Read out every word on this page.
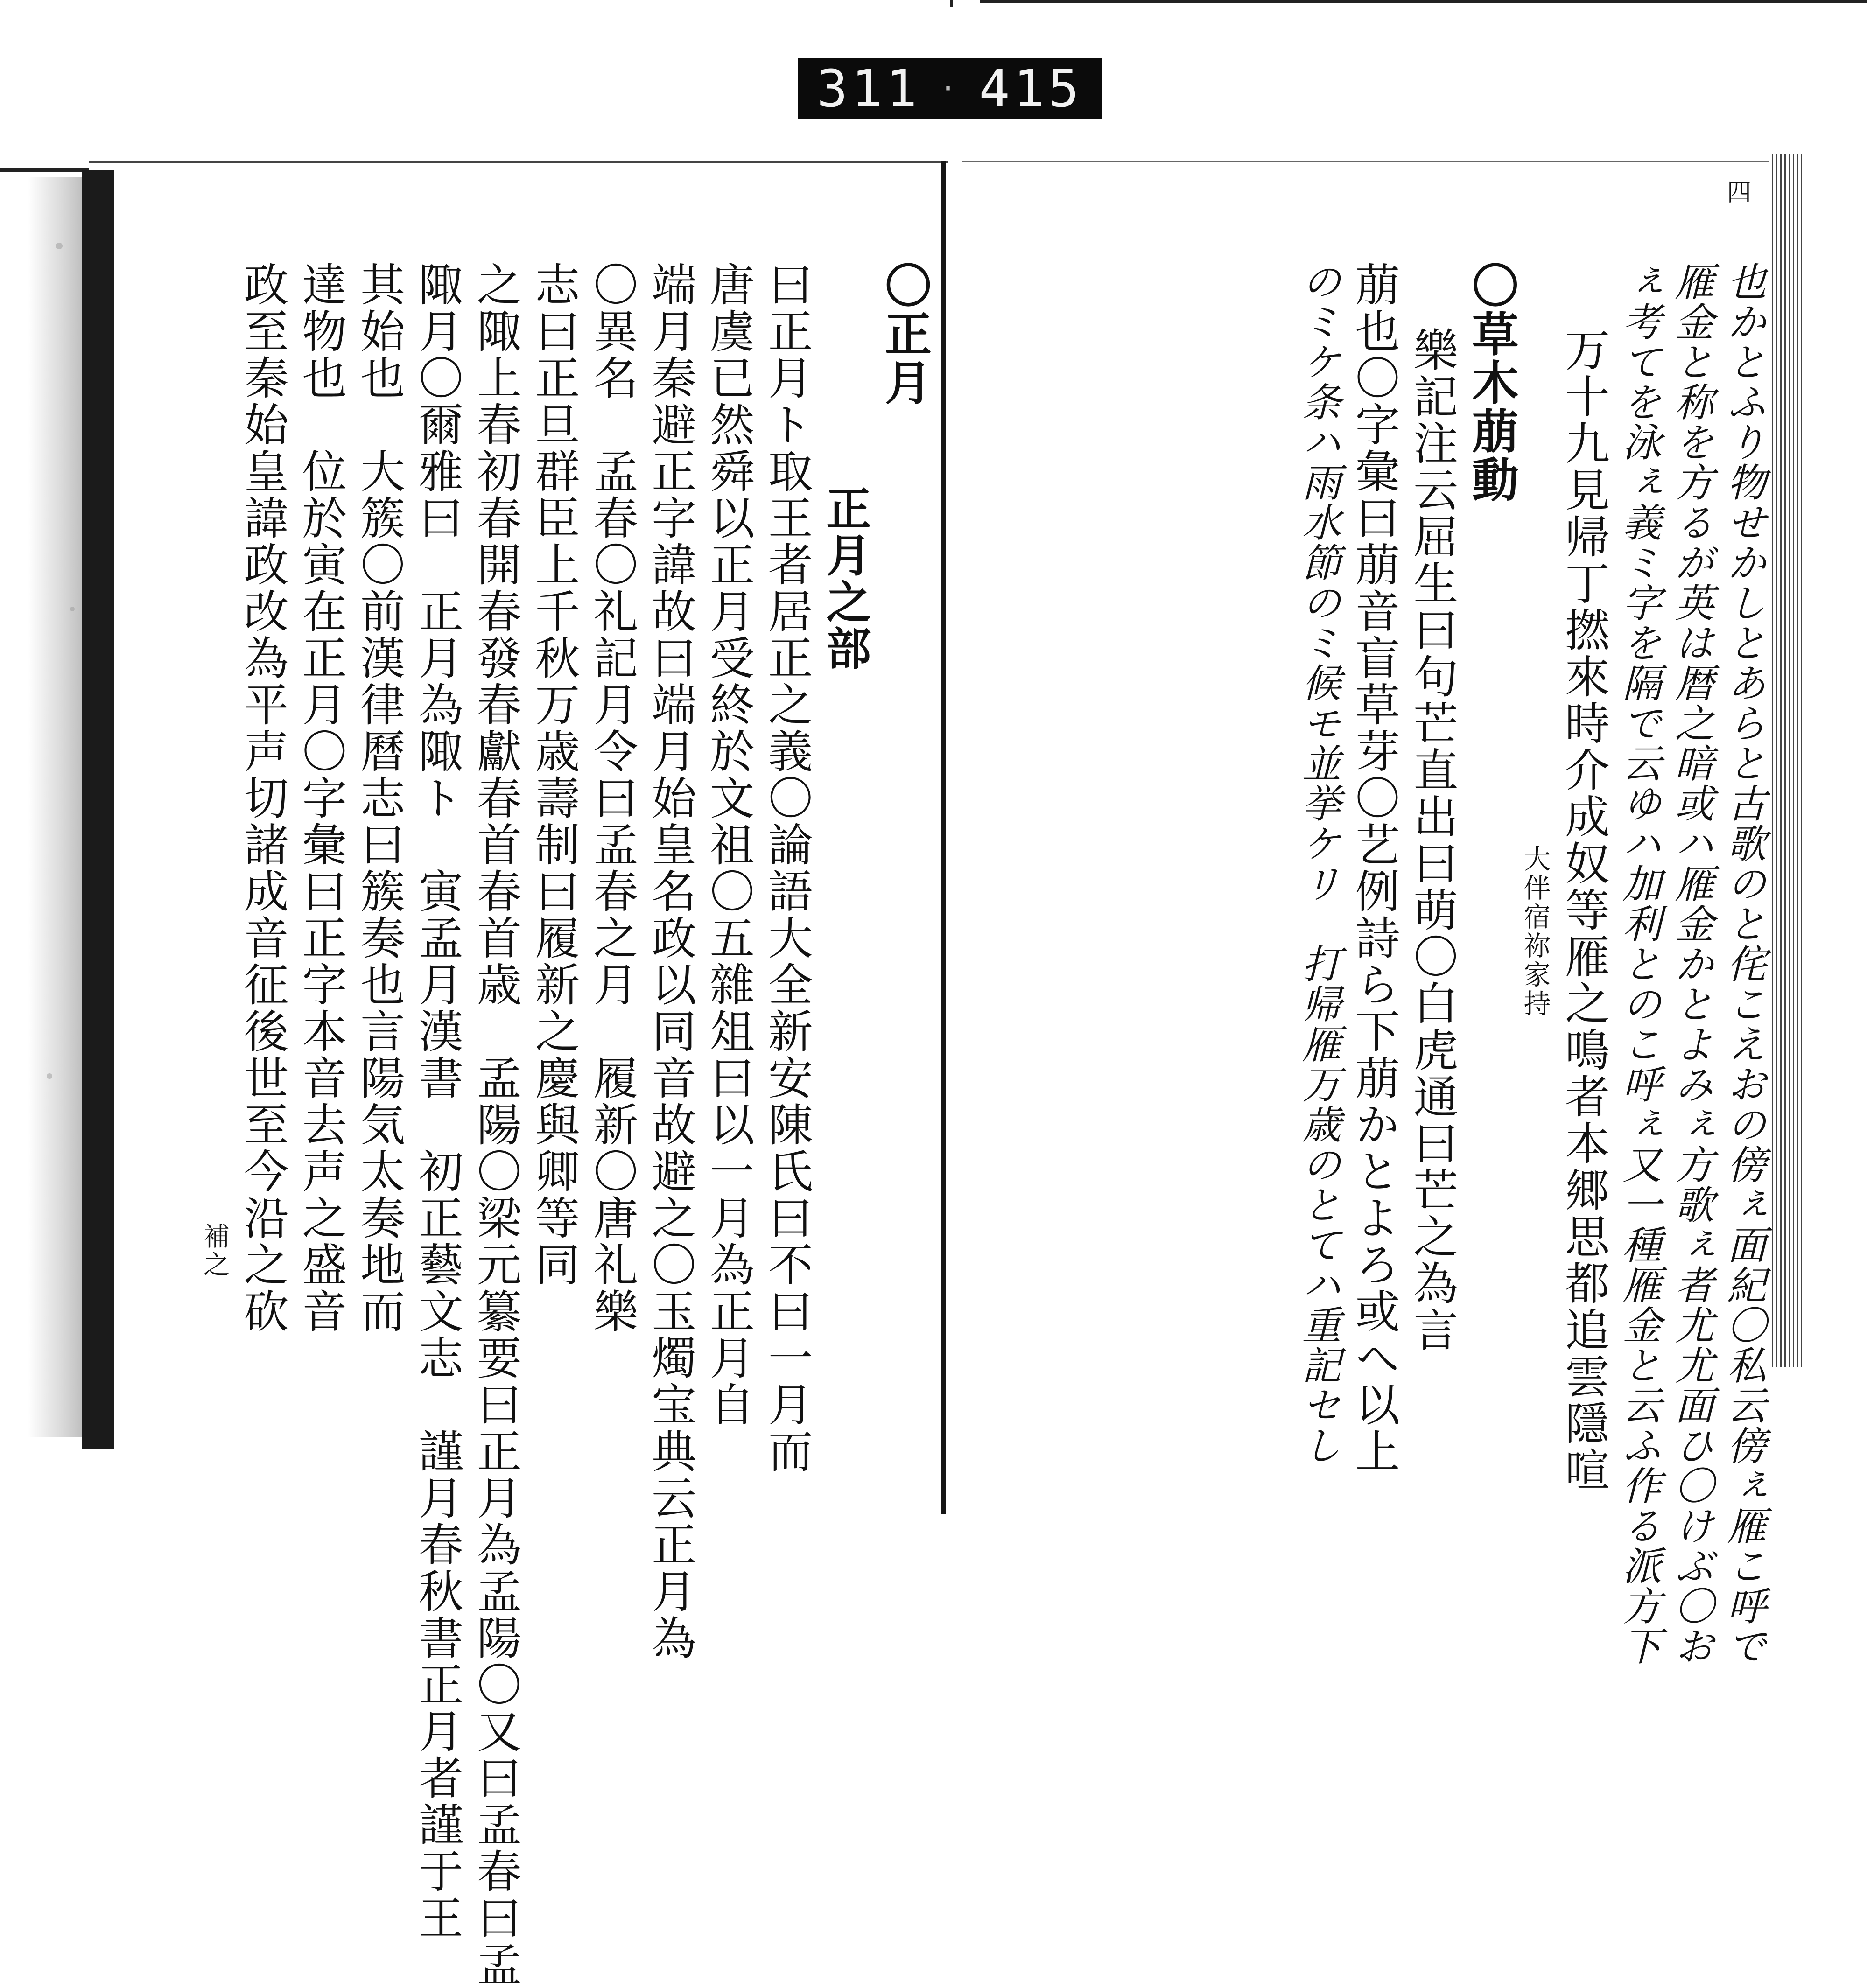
311 · 415
四
也かとふり物せかしとあらと古歌のと侘こえおの傍ぇ面紀〇私云傍ぇ雁こ呼で
雁金と称を方るが英は暦之暗或ハ雁金かとよみぇ方歌ぇ者尤尤面ひ〇けぶ〇お
ぇ考てを泳ぇ義ミ字を隔で云ゆハ加利とのこ呼ぇ又一種雁金と云ふ作る派方下
万十九見帰丁撚來時介成奴等雁之鳴者本郷思都追雲隱喧
大伴宿祢家持
〇草木萠動
樂記注云屈生曰句芒直出曰萌〇白虎通曰芒之為言
萠也〇字彙曰萠音盲草芽〇艺例詩ら下萠かとよろ或へ以上
のミケ条ハ雨水節のミ候モ並挙ケリ　打帰雁万歳のとてハ重記セし
〇正月
正月之部
曰正月ト取王者居正之義〇論語大全新安陳氏曰不曰一月而
唐虞已然舜以正月受終於文祖〇五雜俎曰以一月為正月自
端月秦避正字諱故曰端月始皇名政以同音故避之〇玉燭宝典云正月為
〇異名　孟春〇礼記月令曰孟春之月　履新〇唐礼樂
志曰正旦群臣上千秋万歳壽制曰履新之慶與卿等同
之陬上春初春開春發春獻春首春首歳　孟陽〇梁元纂要曰正月為孟陽〇又曰孟春曰孟
陬月〇爾雅曰　正月為陬ト　寅孟月漢書　初正藝文志　謹月春秋書正月者謹于王
其始也　大簇〇前漢律曆志曰簇奏也言陽気太奏地而
達物也　位於寅在正月〇字彙曰正字本音去声之盛音
政至秦始皇諱政改為平声切諸成音征後世至今沿之砍
補之
